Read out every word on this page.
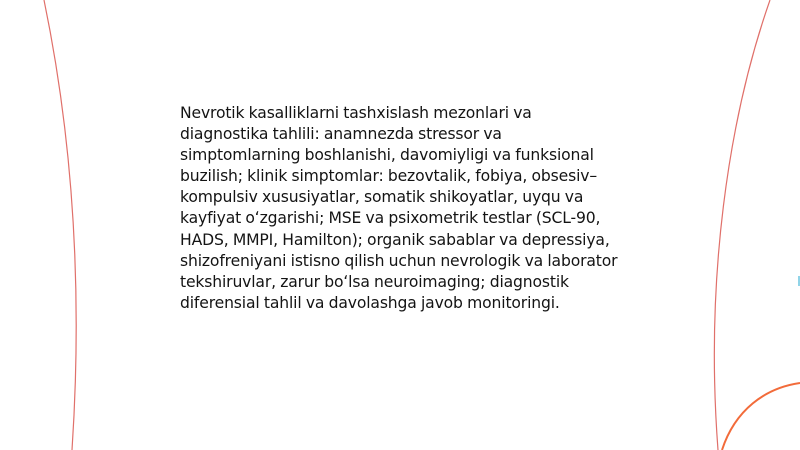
Nevrotik kasalliklarni tashxislash mezonlari va diagnostika tahlili: anamnezda stressor va simptomlarning boshlanishi, davomiyligi va funksional buzilish; klinik simptomlar: bezovtalik, fobiya, obsesiv–kompulsiv xususiyatlar, somatik shikoyatlar, uyqu va kayfiyat oʻzgarishi; MSE va psixometrik testlar (SCL-90, HADS, MMPI, Hamilton); organik sabablar va depressiya, shizofreniyani istisno qilish uchun nevrologik va laborator tekshiruvlar, zarur boʻlsa neuroimaging; diagnostik diferensial tahlil va davolashga javob monitoringi.
